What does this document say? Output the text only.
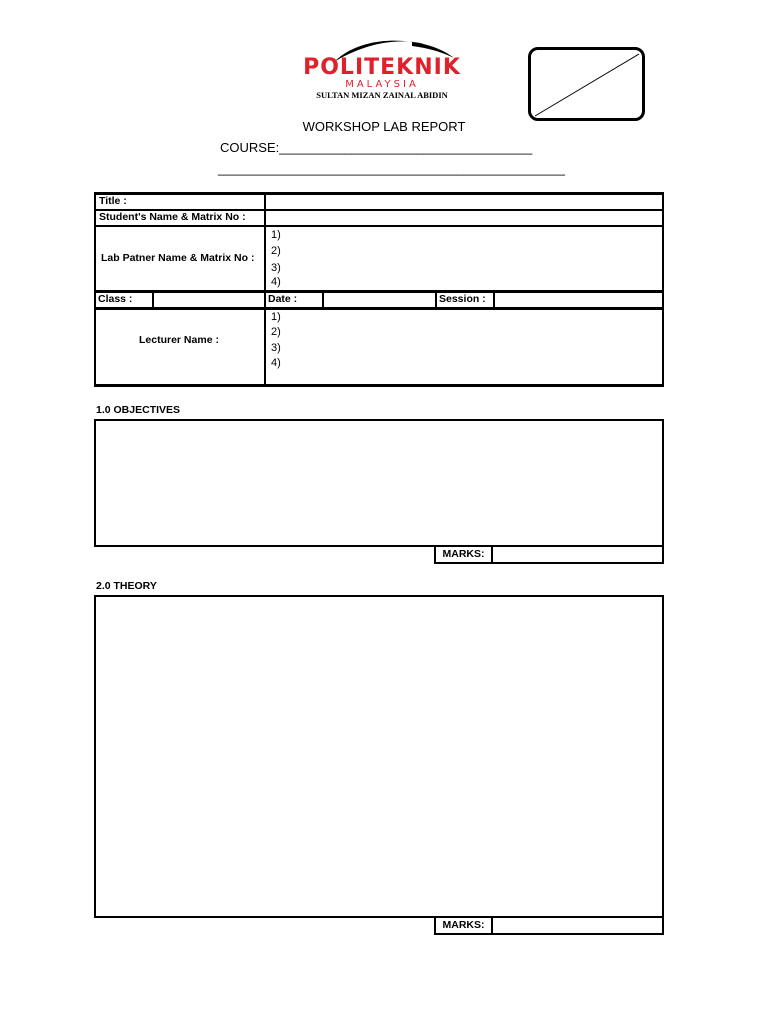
POLITEKNIK
MALAYSIA
SULTAN MIZAN ZAINAL ABIDIN
WORKSHOP LAB REPORT
COURSE:___________________________________
________________________________________________
Title :
Student's Name & Matrix No :
Lab Patner Name & Matrix No :
Class :	Date :	Session :
Lecturer Name :
1)
2)
3)
4)
1)
2)
3)
4)
1.0 OBJECTIVES
MARKS:
2.0 THEORY
MARKS:
